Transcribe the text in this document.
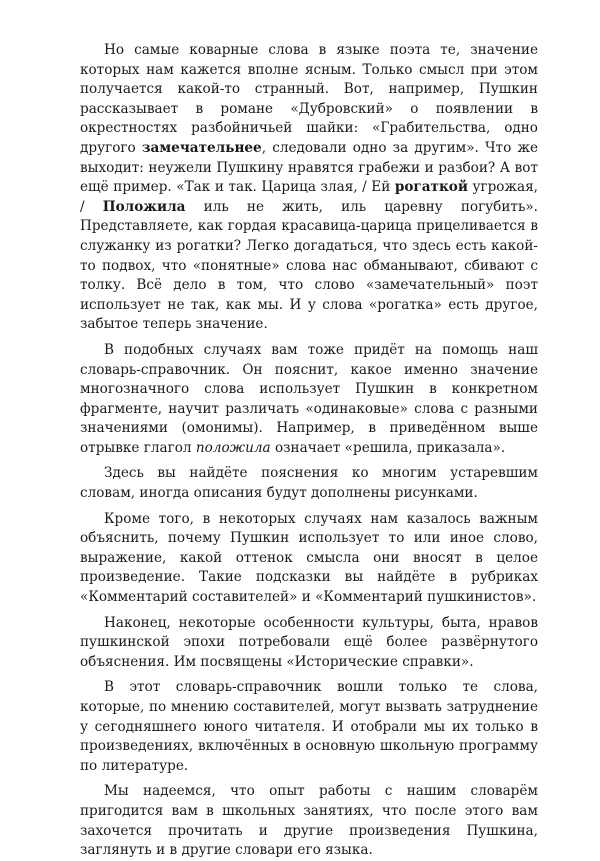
Но самые коварные слова в языке поэта те, значение которых нам кажется вполне ясным. Только смысл при этом получается какой-то странный. Вот, например, Пушкин рассказывает в романе «Дубровский» о появлении в окрестностях разбойничьей шайки: «Грабительства, одно другого замечательнее, следовали одно за другим». Что же выходит: неужели Пушкину нравятся грабежи и разбои? А вот ещё пример. «Так и так. Царица злая, / Ей рогаткой угрожая, / Положила иль не жить, иль царевну погубить». Представляете, как гордая красавица-царица прицеливается в служанку из рогатки? Легко догадаться, что здесь есть какой-то подвох, что «понятные» слова нас обманывают, сбивают с толку. Всё дело в том, что слово «замечательный» поэт использует не так, как мы. И у слова «рогатка» есть другое, забытое теперь значение.

В подобных случаях вам тоже придёт на помощь наш словарь-справочник. Он пояснит, какое именно значение многозначного слова использует Пушкин в конкретном фрагменте, научит различать «одинаковые» слова с разными значениями (омонимы). Например, в приведённом выше отрывке глагол положила означает «решила, приказала».

Здесь вы найдёте пояснения ко многим устаревшим словам, иногда описания будут дополнены рисунками.

Кроме того, в некоторых случаях нам казалось важным объяснить, почему Пушкин использует то или иное слово, выражение, какой оттенок смысла они вносят в целое произведение. Такие подсказки вы найдёте в рубриках «Комментарий составителей» и «Комментарий пушкинистов».

Наконец, некоторые особенности культуры, быта, нравов пушкинской эпохи потребовали ещё более развёрнутого объяснения. Им посвящены «Исторические справки».

В этот словарь-справочник вошли только те слова, которые, по мнению составителей, могут вызвать затруднение у сегодняшнего юного читателя. И отобрали мы их только в произведениях, включённых в основную школьную программу по литературе.

Мы надеемся, что опыт работы с нашим словарём пригодится вам в школьных занятиях, что после этого вам захочется прочитать и другие произведения Пушкина, заглянуть и в другие словари его языка.
